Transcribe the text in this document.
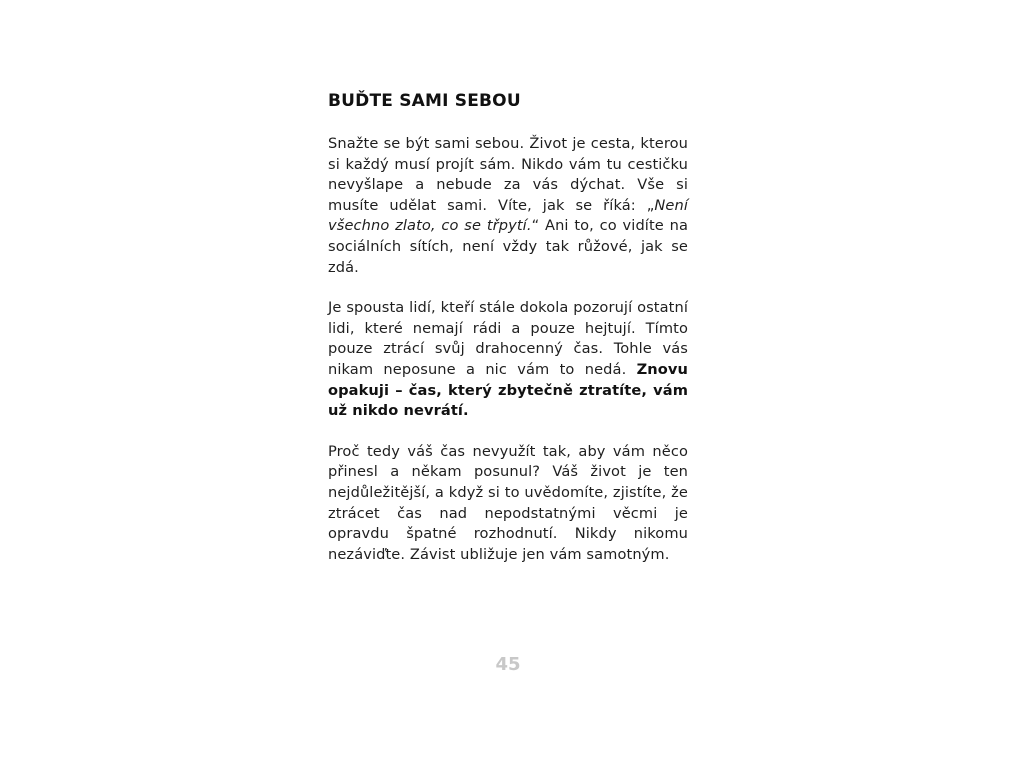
BUĎTE SAMI SEBOU

Snažte se být sami sebou. Život je cesta, kterou si každý musí projít sám. Nikdo vám tu cestičku nevyšlape a nebude za vás dýchat. Vše si musíte udělat sami. Víte, jak se říká: „Není všechno zlato, co se třpytí.“ Ani to, co vidíte na sociálních sítích, není vždy tak růžové, jak se zdá.

Je spousta lidí, kteří stále dokola pozorují ostatní lidi, které nemají rádi a pouze hejtují. Tímto pouze ztrácí svůj drahocenný čas. Tohle vás nikam neposune a nic vám to nedá. Znovu opakuji – čas, který zbytečně ztratíte, vám už nikdo nevrátí.

Proč tedy váš čas nevyužít tak, aby vám něco přinesl a někam posunul? Váš život je ten nejdůležitější, a když si to uvědomíte, zjistíte, že ztrácet čas nad nepodstatnými věcmi je opravdu špatné rozhodnutí. Nikdy nikomu nezáviďte. Závist ubližuje jen vám samotným.

45
